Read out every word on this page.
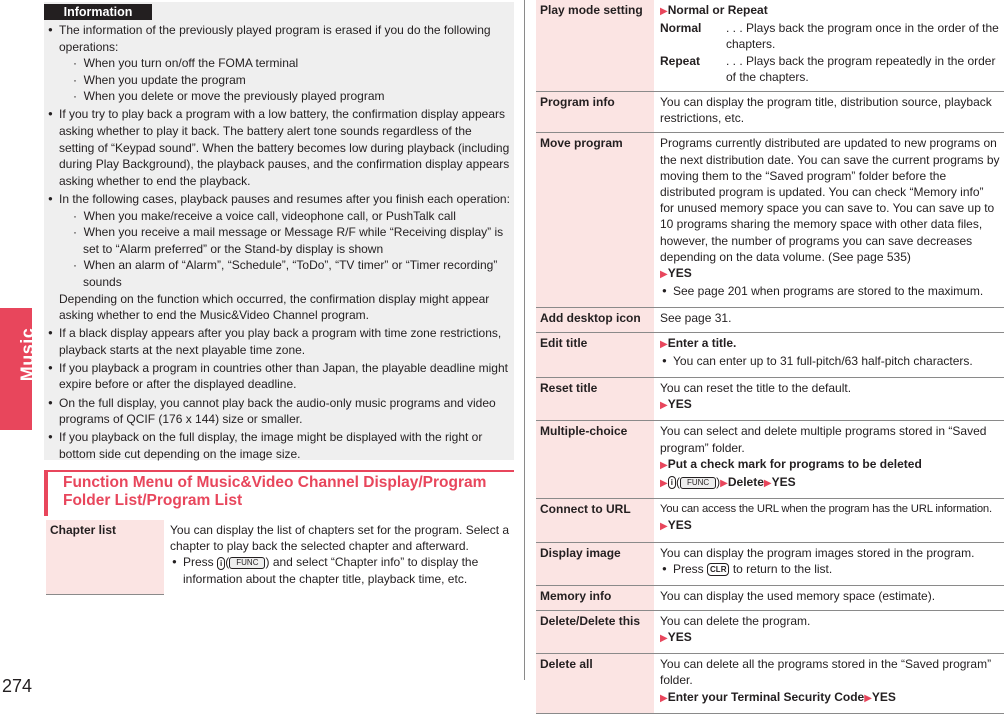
Music
274
Information
● The information of the previously played program is erased if you do the following operations:
·  When you turn on/off the FOMA terminal
·  When you update the program
·  When you delete or move the previously played program
● If you try to play back a program with a low battery, the confirmation display appears asking whether to play it back. The battery alert tone sounds regardless of the setting of “Keypad sound”. When the battery becomes low during playback (including during Play Background), the playback pauses, and the confirmation display appears asking whether to end the playback.
● In the following cases, playback pauses and resumes after you finish each operation:
·  When you make/receive a voice call, videophone call, or PushTalk call
·  When you receive a mail message or Message R/F while “Receiving display” is set to “Alarm preferred” or the Stand-by display is shown
·  When an alarm of “Alarm”, “Schedule”, “ToDo”, “TV timer” or “Timer recording” sounds
Depending on the function which occurred, the confirmation display might appear asking whether to end the Music&Video Channel program.
● If a black display appears after you play back a program with time zone restrictions, playback starts at the next playable time zone.
● If you playback a program in countries other than Japan, the playable deadline might expire before or after the displayed deadline.
● On the full display, you cannot play back the audio-only music programs and video programs of QCIF (176 x 144) size or smaller.
● If you playback on the full display, the image might be displayed with the right or bottom side cut depending on the image size.
Function Menu of Music&Video Channel Display/Program Folder List/Program List
Chapter list	You can display the list of chapters set for the program. Select a chapter to play back the selected chapter and afterward.
● Press i ( FUNC ) and select “Chapter info” to display the information about the chapter title, playback time, etc.
Play mode setting	▶Normal or Repeat
Normal . . . Plays back the program once in the order of the chapters.
Repeat . . . Plays back the program repeatedly in the order of the chapters.

Program info	You can display the program title, distribution source, playback restrictions, etc.
Move program	Programs currently distributed are updated to new programs on the next distribution date. You can save the current programs by moving them to the “Saved program” folder before the distributed program is updated. You can check “Memory info” for unused memory space you can save to. You can save up to 10 programs sharing the memory space with other data files, however, the number of programs you can save decreases depending on the data volume. (See page 535)
▶YES
● See page 201 when programs are stored to the maximum.

Add desktop icon	See page 31.
Edit title	▶Enter a title.
● You can enter up to 31 full-pitch/63 half-pitch characters.

Reset title	You can reset the title to the default.
▶YES

Multiple-choice	You can select and delete multiple programs stored in “Saved program” folder.
▶Put a check mark for programs to be deleted
▶ i ( FUNC )▶Delete▶YES

Connect to URL	You can access the URL when the program has the URL information.
▶YES

Display image	You can display the program images stored in the program.
● Press CLR to return to the list.

Memory info	You can display the used memory space (estimate).
Delete/Delete this	You can delete the program.
▶YES

Delete all	You can delete all the programs stored in the “Saved program” folder.
▶Enter your Terminal Security Code▶YES
